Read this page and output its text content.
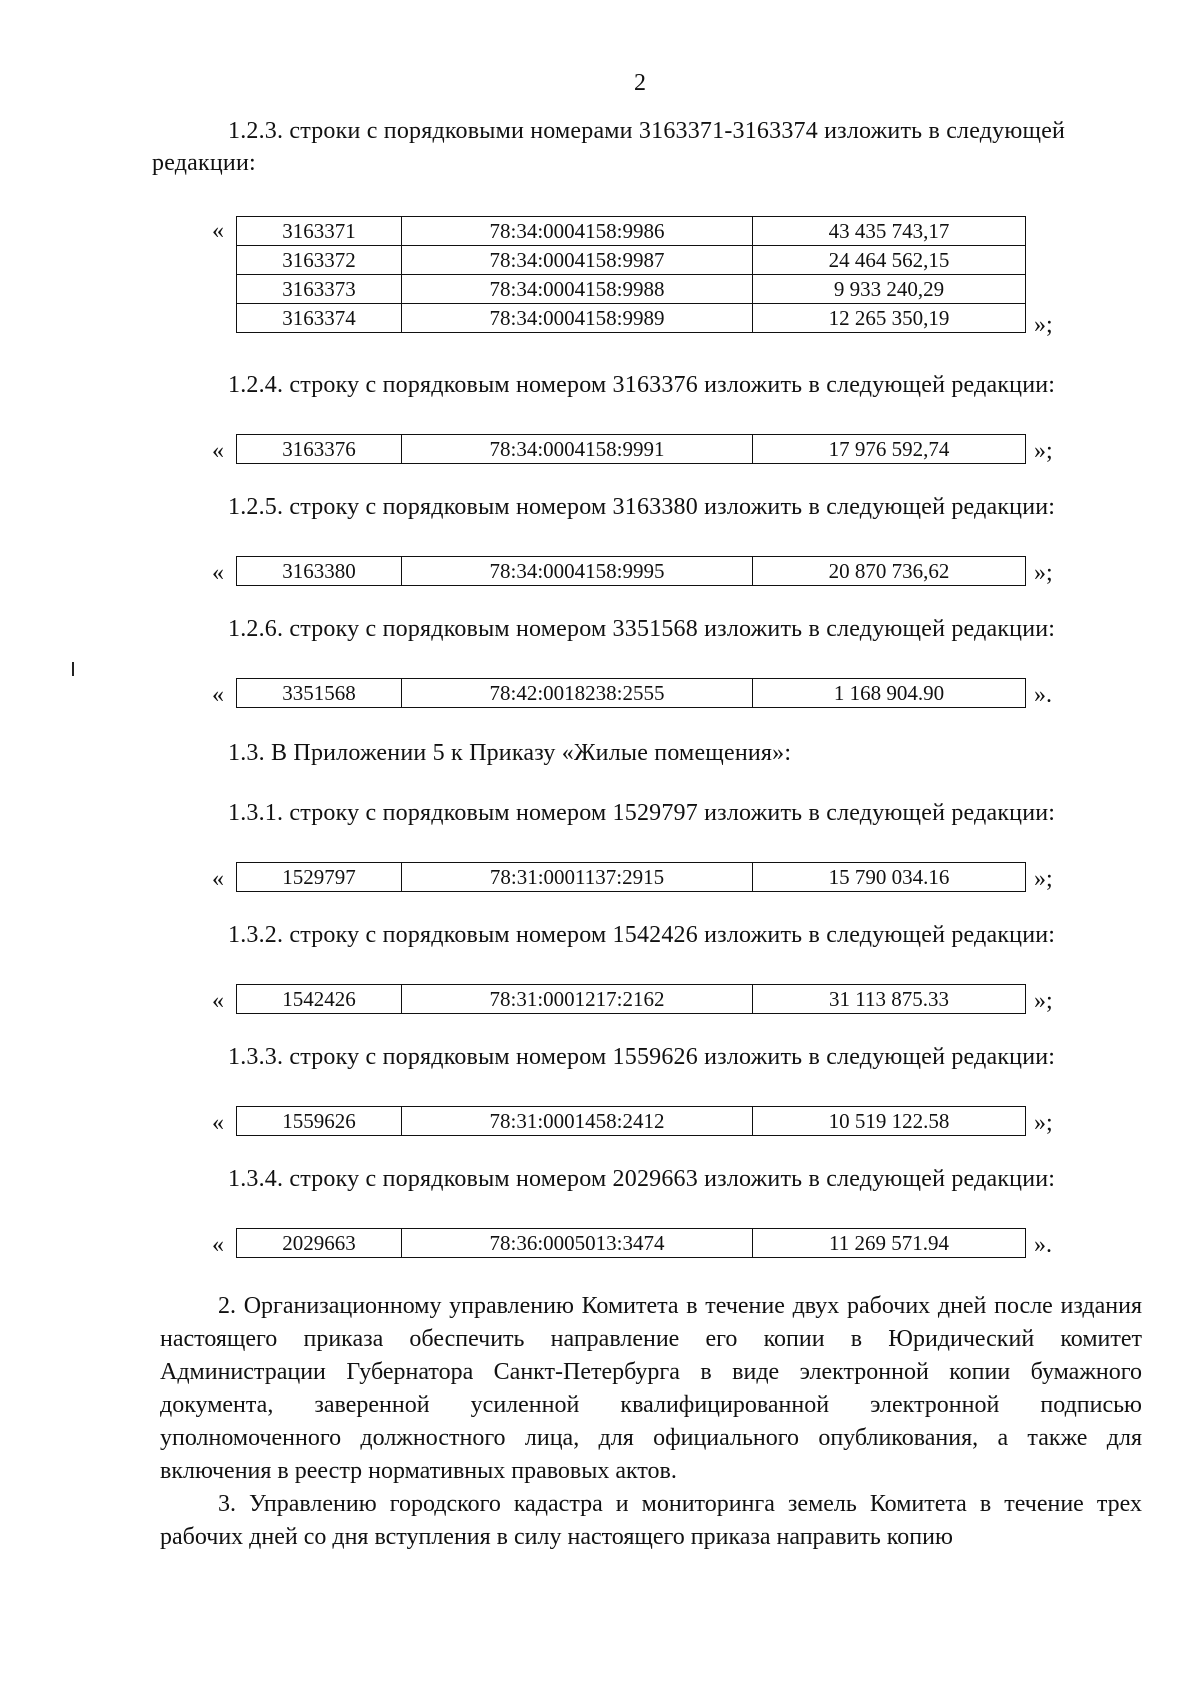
2
1.2.3. строки с порядковыми номерами 3163371-3163374 изложить в следующей
редакции:
«	3163371	78:34:0004158:9986	43 435 743,17
3163372	78:34:0004158:9987	24 464 562,15
3163373	78:34:0004158:9988	9 933 240,29
3163374	78:34:0004158:9989	12 265 350,19	»;
1.2.4. строку с порядковым номером 3163376 изложить в следующей редакции:
«	3163376	78:34:0004158:9991	17 976 592,74	»;
1.2.5. строку с порядковым номером 3163380 изложить в следующей редакции:
«	3163380	78:34:0004158:9995	20 870 736,62	»;
1.2.6. строку с порядковым номером 3351568 изложить в следующей редакции:
«	3351568	78:42:0018238:2555	1 168 904.90	».
1.3. В Приложении 5 к Приказу «Жилые помещения»:
1.3.1. строку с порядковым номером 1529797 изложить в следующей редакции:
«	1529797	78:31:0001137:2915	15 790 034.16	»;
1.3.2. строку с порядковым номером 1542426 изложить в следующей редакции:
«	1542426	78:31:0001217:2162	31 113 875.33	»;
1.3.3. строку с порядковым номером 1559626 изложить в следующей редакции:
«	1559626	78:31:0001458:2412	10 519 122.58	»;
1.3.4. строку с порядковым номером 2029663 изложить в следующей редакции:
«	2029663	78:36:0005013:3474	11 269 571.94	».
2. Организационному управлению Комитета в течение двух рабочих дней после издания настоящего приказа обеспечить направление его копии в Юридический комитет Администрации Губернатора Санкт-Петербурга в виде электронной копии бумажного документа, заверенной усиленной квалифицированной электронной подписью уполномоченного должностного лица, для официального опубликования, а также для включения в реестр нормативных правовых актов.
3. Управлению городского кадастра и мониторинга земель Комитета в течение трех рабочих дней со дня вступления в силу настоящего приказа направить копию
